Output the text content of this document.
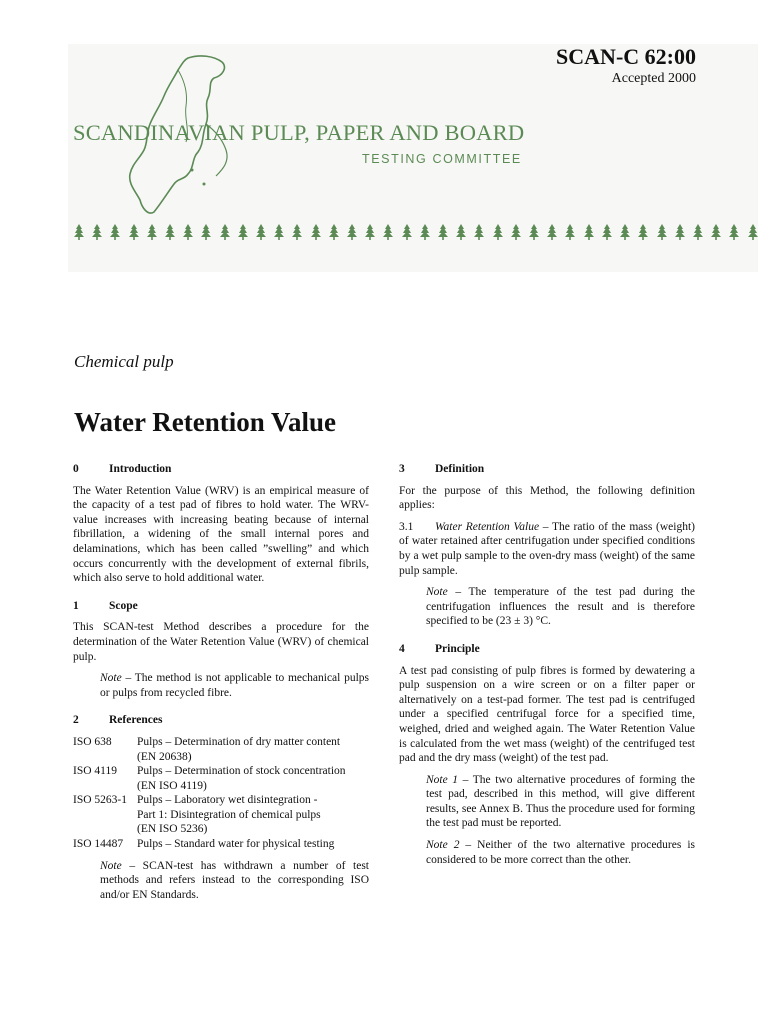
SCANDINAVIAN PULP, PAPER AND BOARD
TESTING COMMITTEE
SCAN-C 62:00
Accepted 2000
Chemical pulp
Water Retention Value
0	Introduction

The Water Retention Value (WRV) is an empirical measure of the capacity of a test pad of fibres to hold water. The WRV-value increases with increasing beating because of internal fibrillation, a widening of the small internal pores and delaminations, which has been called ”swelling” and which occurs concurrently with the development of external fibrils, which also serve to hold additional water.

1	Scope

This SCAN-test Method describes a procedure for the determination of the Water Retention Value (WRV) of chemical pulp.

Note – The method is not applicable to mechanical pulps or pulps from recycled fibre.

2	References
ISO 638	Pulps – Determination of dry matter content
(EN 20638)
ISO 4119	Pulps – Determination of stock concentration
(EN ISO 4119)
ISO 5263-1 Pulps – Laboratory wet disintegration -
Part 1: Disintegration of chemical pulps
(EN ISO 5236)
ISO 14487	Pulps – Standard water for physical testing

Note – SCAN-test has withdrawn a number of test methods and refers instead to the corresponding ISO and/or EN Standards.

3	Definition

For the purpose of this Method, the following definition applies:

3.1 Water Retention Value – The ratio of the mass (weight) of water retained after centrifugation under specified conditions by a wet pulp sample to the oven-dry mass (weight) of the same pulp sample.

Note – The temperature of the test pad during the centrifugation influences the result and is therefore specified to be (23 ± 3) °C.

4	Principle

A test pad consisting of pulp fibres is formed by dewatering a pulp suspension on a wire screen or on a filter paper or alternatively on a test-pad former. The test pad is centrifuged under a specified centrifugal force for a specified time, weighed, dried and weighed again. The Water Retention Value is calculated from the wet mass (weight) of the centrifuged test pad and the dry mass (weight) of the test pad.

Note 1 – The two alternative procedures of forming the test pad, described in this method, will give different results, see Annex B. Thus the procedure used for forming the test pad must be reported.

Note 2 – Neither of the two alternative procedures is considered to be more correct than the other.
